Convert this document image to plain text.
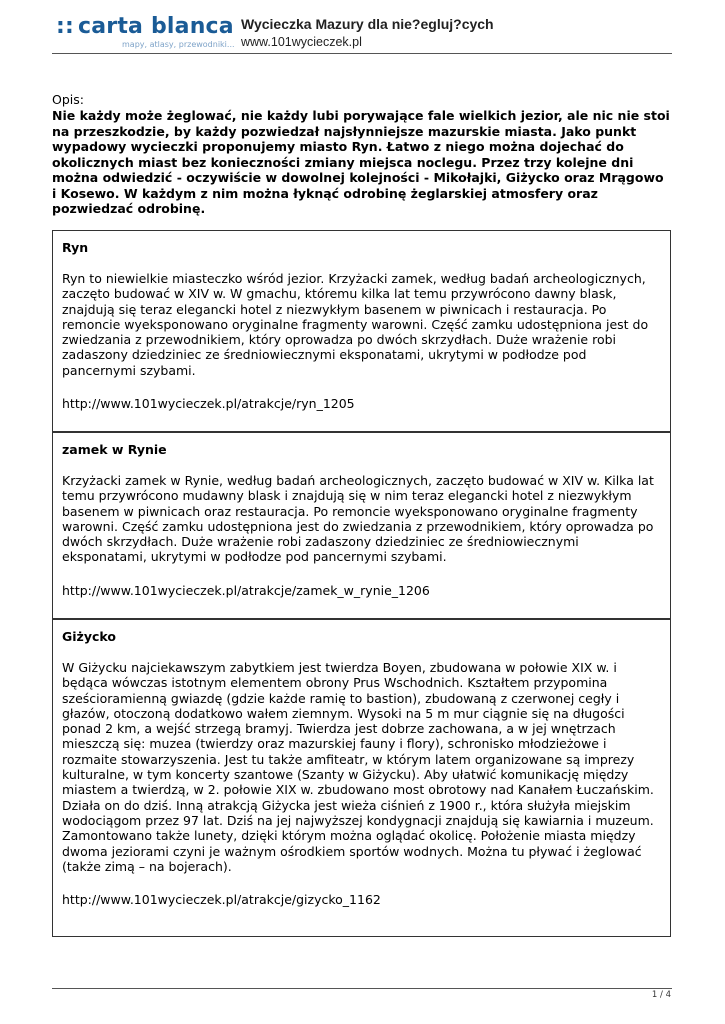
:: carta blanca
mapy, atlasy, przewodniki...
Wycieczka Mazury dla nie?egluj?cych
www.101wycieczek.pl
Opis:
Nie każdy może żeglować, nie każdy lubi porywające fale wielkich jezior, ale nic nie stoi na przeszkodzie, by każdy pozwiedzał najsłynniejsze mazurskie miasta. Jako punkt wypadowy wycieczki proponujemy miasto Ryn. Łatwo z niego można dojechać do okolicznych miast bez konieczności zmiany miejsca noclegu. Przez trzy kolejne dni można odwiedzić - oczywiście w dowolnej kolejności - Mikołajki, Giżycko oraz Mrągowo i Kosewo. W każdym z nim można łyknąć odrobinę żeglarskiej atmosfery oraz pozwiedzać odrobinę.
Ryn
Ryn to niewielkie miasteczko wśród jezior. Krzyżacki zamek, według badań archeologicznych, zaczęto budować w XIV w. W gmachu, któremu kilka lat temu przywrócono dawny blask, znajdują się teraz elegancki hotel z niezwykłym basenem w piwnicach i restauracja. Po remoncie wyeksponowano oryginalne fragmenty warowni. Część zamku udostępniona jest do zwiedzania z przewodnikiem, który oprowadza po dwóch skrzydłach. Duże wrażenie robi zadaszony dziedziniec ze średniowiecznymi eksponatami, ukrytymi w podłodze pod pancernymi szybami.
http://www.101wycieczek.pl/atrakcje/ryn_1205
zamek w Rynie
Krzyżacki zamek w Rynie, według badań archeologicznych, zaczęto budować w XIV w. Kilka lat temu przywrócono mudawny blask i znajdują się w nim teraz elegancki hotel z niezwykłym basenem w piwnicach oraz restauracja. Po remoncie wyeksponowano oryginalne fragmenty warowni. Część zamku udostępniona jest do zwiedzania z przewodnikiem, który oprowadza po dwóch skrzydłach. Duże wrażenie robi zadaszony dziedziniec ze średniowiecznymi eksponatami, ukrytymi w podłodze pod pancernymi szybami.
http://www.101wycieczek.pl/atrakcje/zamek_w_rynie_1206
Giżycko
W Giżycku najciekawszym zabytkiem jest twierdza Boyen, zbudowana w połowie XIX w. i będąca wówczas istotnym elementem obrony Prus Wschodnich. Kształtem przypomina sześcioramienną gwiazdę (gdzie każde ramię to bastion), zbudowaną z czerwonej cegły i głazów, otoczoną dodatkowo wałem ziemnym. Wysoki na 5 m mur ciągnie się na długości ponad 2 km, a wejść strzegą bramyj. Twierdza jest dobrze zachowana, a w jej wnętrzach mieszczą się: muzea (twierdzy oraz mazurskiej fauny i flory), schronisko młodzieżowe i rozmaite stowarzyszenia. Jest tu także amfiteatr, w którym latem organizowane są imprezy kulturalne, w tym koncerty szantowe (Szanty w Giżycku). Aby ułatwić komunikację między miastem a twierdzą, w 2. połowie XIX w. zbudowano most obrotowy nad Kanałem Łuczańskim. Działa on do dziś. Inną atrakcją Giżycka jest wieża ciśnień z 1900 r., która służyła miejskim wodociągom przez 97 lat. Dziś na jej najwyższej kondygnacji znajdują się kawiarnia i muzeum. Zamontowano także lunety, dzięki którym można oglądać okolicę. Położenie miasta między dwoma jeziorami czyni je ważnym ośrodkiem sportów wodnych. Można tu pływać i żeglować (także zimą – na bojerach).
http://www.101wycieczek.pl/atrakcje/gizycko_1162
1 / 4
